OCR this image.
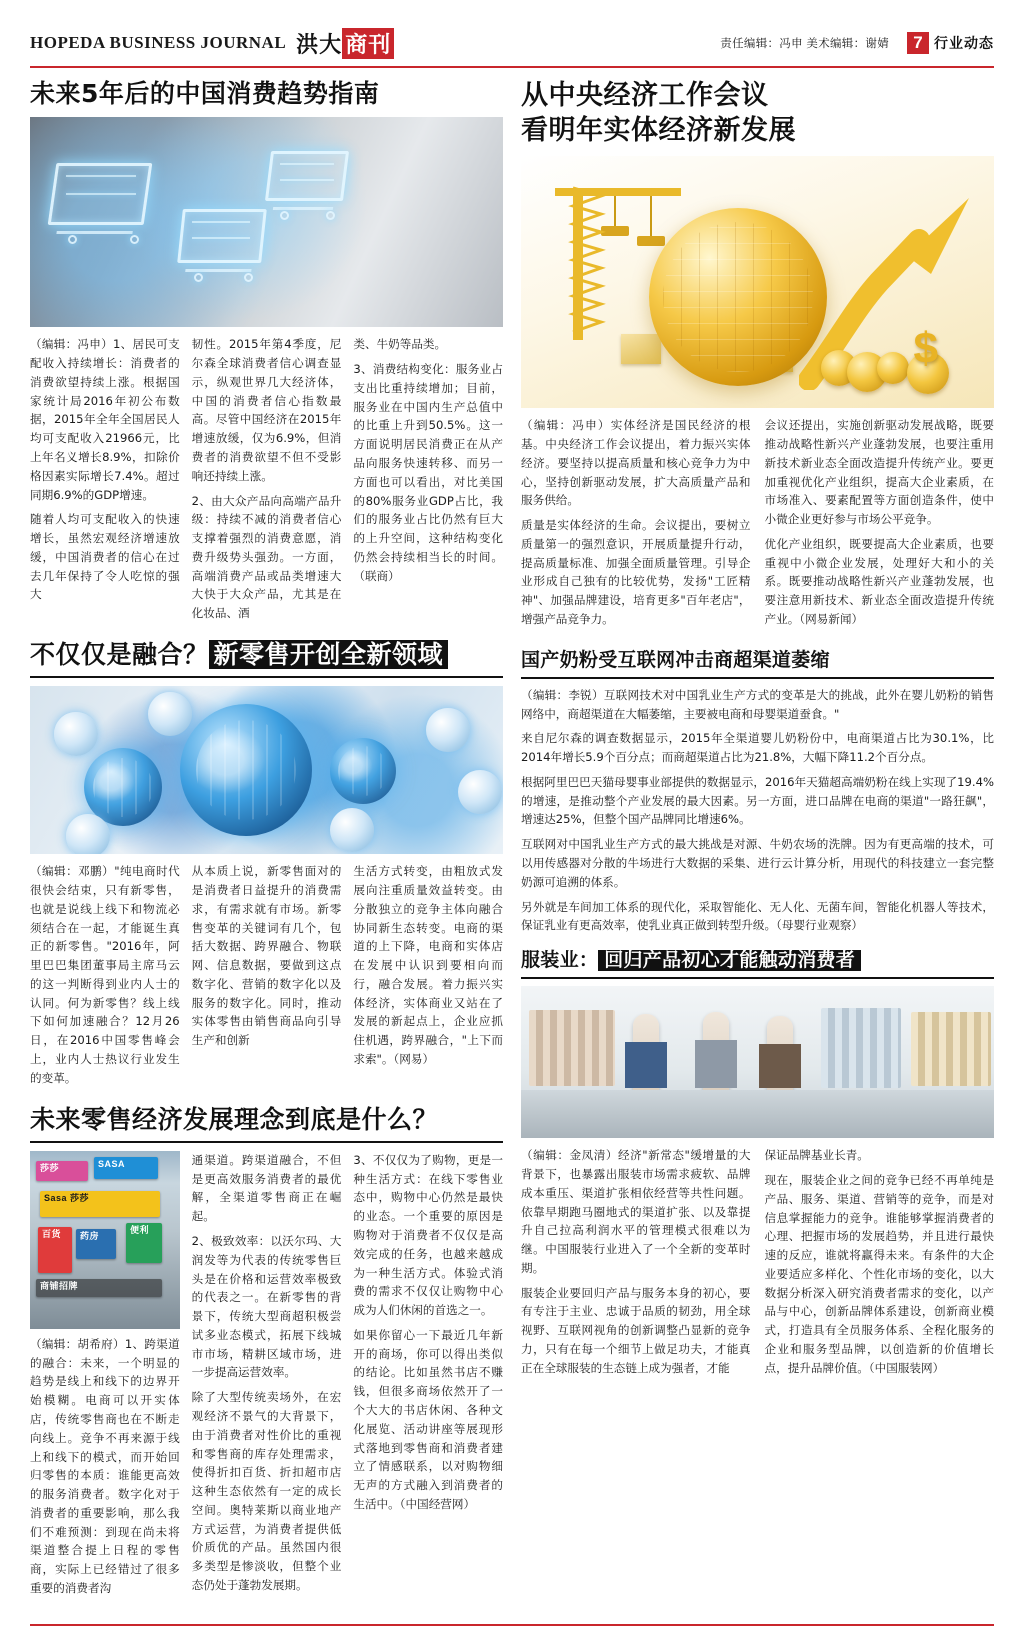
HOPEDA BUSINESS JOURNAL 洪大 商刊	责任编辑：冯申 美术编辑：谢婧	7 行业动态
未来5年后的中国消费趋势指南

（编辑：冯申）1、居民可支配收入持续增长：消费者的消费欲望持续上涨。根据国家统计局2016年初公布数据，2015年全年全国居民人均可支配收入21966元，比上年名义增长8.9%，扣除价格因素实际增长7.4%。超过同期6.9%的GDP增速。

随着人均可支配收入的快速增长，虽然宏观经济增速放缓，中国消费者的信心在过去几年保持了令人吃惊的强大

韧性。2015年第4季度，尼尔森全球消费者信心调查显示，纵观世界几大经济体，中国的消费者信心指数最高。尽管中国经济在2015年增速放缓，仅为6.9%，但消费者的消费欲望不但不受影响还持续上涨。

2、由大众产品向高端产品升级：持续不减的消费者信心支撑着强烈的消费意愿，消费升级势头强劲。一方面，高端消费产品或品类增速大大快于大众产品，尤其是在化妆品、酒

类、牛奶等品类。

3、消费结构变化：服务业占支出比重持续增加；目前，服务业在中国内生产总值中的比重上升到50.5%。这一方面说明居民消费正在从产品向服务快速转移、而另一方面也可以看出，对比美国的80%服务业GDP占比，我们的服务业占比仍然有巨大的上升空间，这种结构变化仍然会持续相当长的时间。（联商）

不仅仅是融合？ 新零售开创全新领域

（编辑：邓鹏）"纯电商时代很快会结束，只有新零售，也就是说线上线下和物流必须结合在一起，才能诞生真正的新零售。"2016年，阿里巴巴集团董事局主席马云的这一判断得到业内人士的认同。何为新零售？线上线下如何加速融合？12月26日，在2016中国零售峰会上，业内人士热议行业发生的变革。

从本质上说，新零售面对的是消费者日益提升的消费需求，有需求就有市场。新零售变革的关键词有几个，包括大数据、跨界融合、物联网、信息数据，要做到这点数字化、营销的数字化以及服务的数字化。同时，推动实体零售由销售商品向引导生产和创新

生活方式转变，由粗放式发展向注重质量效益转变。由分散独立的竞争主体向融合协同新生态转变。电商的渠道的上下降，电商和实体店在发展中认识到要相向而行，融合发展。着力振兴实体经济，实体商业又站在了发展的新起点上，企业应抓住机遇，跨界融合，"上下而求索"。（网易）

未来零售经济发展理念到底是什么？
莎莎	SASA
Sasa 莎莎
百货	药房
便利
商铺招牌

（编辑：胡希府）1、跨渠道的融合：未来，一个明显的趋势是线上和线下的边界开始模糊。电商可以开实体店，传统零售商也在不断走向线上。竞争不再来源于线上和线下的模式，而开始回归零售的本质：谁能更高效的服务消费者。数字化对于消费者的重要影响，那么我们不难预测：到现在尚未将渠道整合提上日程的零售商，实际上已经错过了很多重要的消费者沟

通渠道。跨渠道融合，不但是更高效服务消费者的最优解，全渠道零售商正在崛起。

2、极致效率：以沃尔玛、大润发等为代表的传统零售巨头是在价格和运营效率极致的代表之一。在新零售的背景下，传统大型商超积极尝试多业态模式，拓展下线城市市场，精耕区域市场，进一步提高运营效率。

除了大型传统卖场外，在宏观经济不景气的大背景下，由于消费者对性价比的重视和零售商的库存处理需求，使得折扣百货、折扣超市店这种生态依然有一定的成长空间。奥特莱斯以商业地产方式运营，为消费者提供低价质优的产品。虽然国内很多类型是惨淡收，但整个业态仍处于蓬勃发展期。

3、不仅仅为了购物，更是一种生活方式：在线下零售业态中，购物中心仍然是最快的业态。一个重要的原因是购物对于消费者不仅仅是高效完成的任务，也越来越成为一种生活方式。体验式消费的需求不仅仅让购物中心成为人们休闲的首选之一。

如果你留心一下最近几年新开的商场，你可以得出类似的结论。比如虽然书店不赚钱，但很多商场依然开了一个大大的书店休闲、各种文化展览、活动讲座等展现形式落地到零售商和消费者建立了情感联系，以对购物细无声的方式融入到消费者的生活中。（中国经营网）

从中央经济工作会议
看明年实体经济新发展
$

（编辑：冯申）实体经济是国民经济的根基。中央经济工作会议提出，着力振兴实体经济。要坚持以提高质量和核心竞争力为中心，坚持创新驱动发展，扩大高质量产品和服务供给。

质量是实体经济的生命。会议提出，要树立质量第一的强烈意识，开展质量提升行动，提高质量标准、加强全面质量管理。引导企业形成自己独有的比较优势，发扬"工匠精神"、加强品牌建设，培育更多"百年老店"，增强产品竞争力。

会议还提出，实施创新驱动发展战略，既要推动战略性新兴产业蓬勃发展，也要注重用新技术新业态全面改造提升传统产业。要更加重视优化产业组织，提高大企业素质，在市场准入、要素配置等方面创造条件，使中小微企业更好参与市场公平竞争。

优化产业组织，既要提高大企业素质，也要重视中小微企业发展，处理好大和小的关系。既要推动战略性新兴产业蓬勃发展，也要注意用新技术、新业态全面改造提升传统产业。（网易新闻）

国产奶粉受互联网冲击商超渠道萎缩

（编辑：李锐）互联网技术对中国乳业生产方式的变革是大的挑战，此外在婴儿奶粉的销售网络中，商超渠道在大幅萎缩，主要被电商和母婴渠道蚕食。"

来自尼尔森的调查数据显示，2015年全渠道婴儿奶粉份中，电商渠道占比为30.1%，比2014年增长5.9个百分点；而商超渠道占比为21.8%，大幅下降11.2个百分点。

根据阿里巴巴天猫母婴事业部提供的数据显示，2016年天猫超高端奶粉在线上实现了19.4%的增速，是推动整个产业发展的最大因素。另一方面，进口品牌在电商的渠道"一路狂飙"，增速达25%，但整个国产品牌同比增速6%。

互联网对中国乳业生产方式的最大挑战是对源、牛奶农场的洗牌。因为有更高端的技术，可以用传感器对分散的牛场进行大数据的采集、进行云计算分析，用现代的科技建立一套完整奶源可追溯的体系。

另外就是车间加工体系的现代化，采取智能化、无人化、无菌车间，智能化机器人等技术，保证乳业有更高效率，使乳业真正做到转型升级。（母婴行业观察）

服装业： 回归产品初心才能触动消费者

（编辑：金凤清）经济"新常态"缓增量的大背景下，也暴露出服装市场需求疲软、品牌成本重压、渠道扩张相依经营等共性问题。依靠早期跑马圈地式的渠道扩张、以及靠提升自己拉高利润水平的管理模式很难以为继。中国服装行业进入了一个全新的变革时期。

服装企业要回归产品与服务本身的初心，要有专注于主业、忠诚于品质的韧劲，用全球视野、互联网视角的创新调整凸显新的竞争力，只有在每一个细节上做足功夫，才能真正在全球服装的生态链上成为强者，才能

保证品牌基业长青。

现在，服装企业之间的竞争已经不再单纯是产品、服务、渠道、营销等的竞争，而是对信息掌握能力的竞争。谁能够掌握消费者的心理、把握市场的发展趋势，并且进行最快速的反应，谁就将赢得未来。有条件的大企业要适应多样化、个性化市场的变化，以大数据分析深入研究消费者需求的变化，以产品与中心，创新品牌体系建设，创新商业模式，打造具有全员服务体系、全程化服务的企业和服务型品牌，以创造新的价值增长点，提升品牌价值。（中国服装网）
